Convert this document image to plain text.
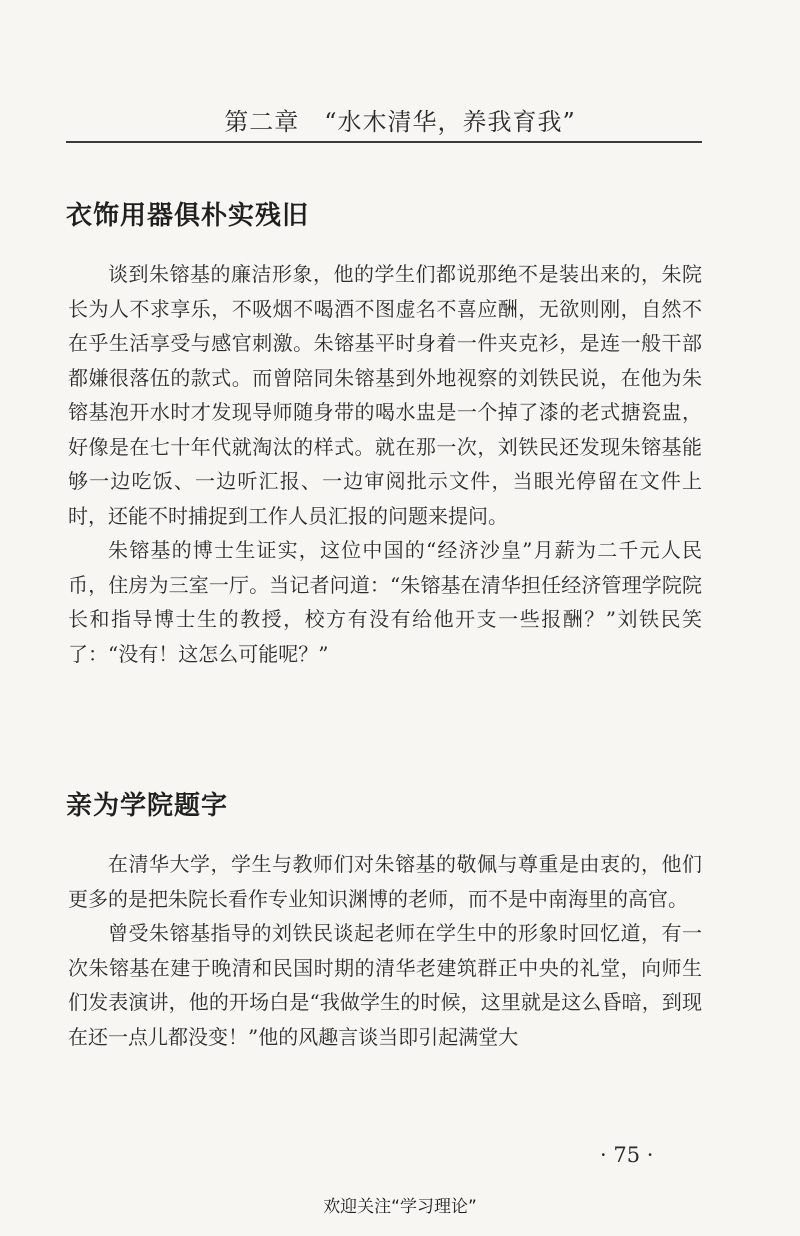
第二章　“水木清华，养我育我”
衣饰用器俱朴实残旧

谈到朱镕基的廉洁形象，他的学生们都说那绝不是装出来的，朱院长为人不求享乐，不吸烟不喝酒不图虚名不喜应酬，无欲则刚，自然不在乎生活享受与感官刺激。朱镕基平时身着一件夹克衫，是连一般干部都嫌很落伍的款式。而曾陪同朱镕基到外地视察的刘铁民说，在他为朱镕基泡开水时才发现导师随身带的喝水盅是一个掉了漆的老式搪瓷盅，好像是在七十年代就淘汰的样式。就在那一次，刘铁民还发现朱镕基能够一边吃饭、一边听汇报、一边审阅批示文件，当眼光停留在文件上时，还能不时捕捉到工作人员汇报的问题来提问。

朱镕基的博士生证实，这位中国的“经济沙皇”月薪为二千元人民币，住房为三室一厅。当记者问道：“朱镕基在清华担任经济管理学院院长和指导博士生的教授，校方有没有给他开支一些报酬？”刘铁民笑了：“没有！这怎么可能呢？”

亲为学院题字

在清华大学，学生与教师们对朱镕基的敬佩与尊重是由衷的，他们更多的是把朱院长看作专业知识渊博的老师，而不是中南海里的高官。

曾受朱镕基指导的刘铁民谈起老师在学生中的形象时回忆道，有一次朱镕基在建于晚清和民国时期的清华老建筑群正中央的礼堂，向师生们发表演讲，他的开场白是“我做学生的时候，这里就是这么昏暗，到现在还一点儿都没变！”他的风趣言谈当即引起满堂大

· 75 ·
欢迎关注“学习理论”
